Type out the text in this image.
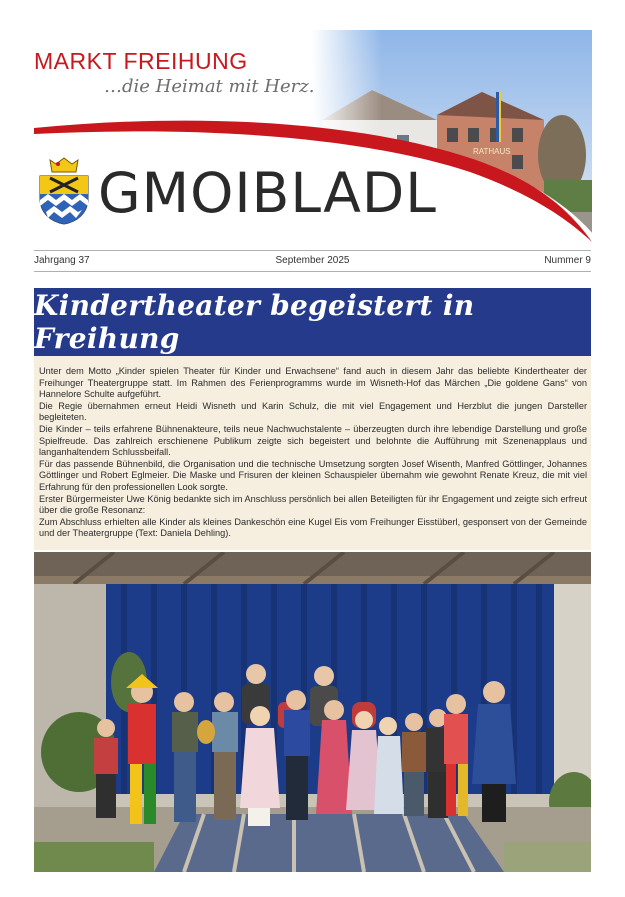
MARKT FREIHUNG
…die Heimat mit Herz.
GMOIBLADL
Jahrgang 37	September 2025	Nummer 9
Kindertheater begeistert in Freihung

Unter dem Motto „Kinder spielen Theater für Kinder und Erwachsene“ fand auch in diesem Jahr das beliebte Kindertheater der Freihunger Theatergruppe statt. Im Rahmen des Ferienprogramms wurde im Wisneth-Hof das Märchen „Die goldene Gans“ von Hannelore Schulte aufgeführt.

Die Regie übernahmen erneut Heidi Wisneth und Karin Schulz, die mit viel Engagement und Herzblut die jungen Darsteller begleiteten.

Die Kinder – teils erfahrene Bühnenakteure, teils neue Nachwuchstalente – überzeugten durch ihre lebendige Darstellung und große Spielfreude. Das zahlreich erschienene Publikum zeigte sich begeistert und belohnte die Aufführung mit Szenenapplaus und langanhaltendem Schlussbeifall.

Für das passende Bühnenbild, die Organisation und die technische Umsetzung sorgten Josef Wisenth, Manfred Göttlinger, Johannes Göttlinger und Robert Eglmeier. Die Maske und Frisuren der kleinen Schauspieler übernahm wie gewohnt Renate Kreuz, die mit viel Erfahrung für den professionellen Look sorgte.

Erster Bürgermeister Uwe König bedankte sich im Anschluss persönlich bei allen Beteiligten für ihr Engagement und zeigte sich erfreut über die große Resonanz:

Zum Abschluss erhielten alle Kinder als kleines Dankeschön eine Kugel Eis vom Freihunger Eisstüberl, gesponsert von der Gemeinde und der Theatergruppe (Text: Daniela Dehling).
